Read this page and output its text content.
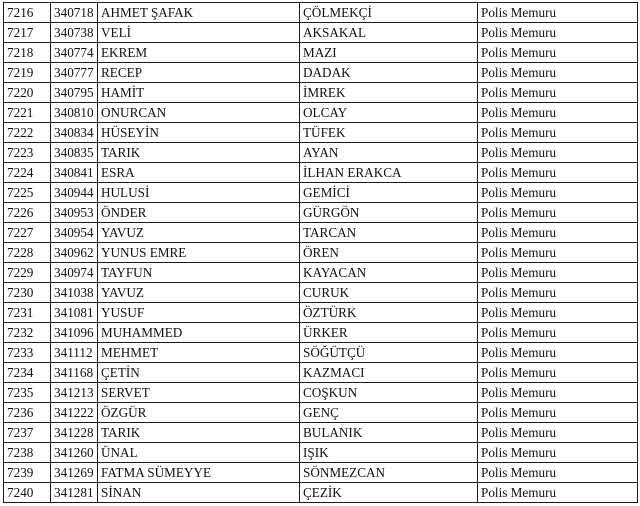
7216	340718	AHMET ŞAFAK	ÇÖLMEKÇİ	Polis Memuru
7217	340738	VELİ	AKSAKAL	Polis Memuru
7218	340774	EKREM	MAZI	Polis Memuru
7219	340777	RECEP	DADAK	Polis Memuru
7220	340795	HAMİT	İMREK	Polis Memuru
7221	340810	ONURCAN	OLCAY	Polis Memuru
7222	340834	HÜSEYİN	TÜFEK	Polis Memuru
7223	340835	TARIK	AYAN	Polis Memuru
7224	340841	ESRA	İLHAN ERAKCA	Polis Memuru
7225	340944	HULUSİ	GEMİCİ	Polis Memuru
7226	340953	ÖNDER	GÜRGÖN	Polis Memuru
7227	340954	YAVUZ	TARCAN	Polis Memuru
7228	340962	YUNUS EMRE	ÖREN	Polis Memuru
7229	340974	TAYFUN	KAYACAN	Polis Memuru
7230	341038	YAVUZ	CURUK	Polis Memuru
7231	341081	YUSUF	ÖZTÜRK	Polis Memuru
7232	341096	MUHAMMED	ÜRKER	Polis Memuru
7233	341112	MEHMET	SÖĞÜTÇÜ	Polis Memuru
7234	341168	ÇETİN	KAZMACI	Polis Memuru
7235	341213	SERVET	COŞKUN	Polis Memuru
7236	341222	ÖZGÜR	GENÇ	Polis Memuru
7237	341228	TARIK	BULANIK	Polis Memuru
7238	341260	ÜNAL	IŞIK	Polis Memuru
7239	341269	FATMA SÜMEYYE	SÖNMEZCAN	Polis Memuru
7240	341281	SİNAN	ÇEZİK	Polis Memuru
